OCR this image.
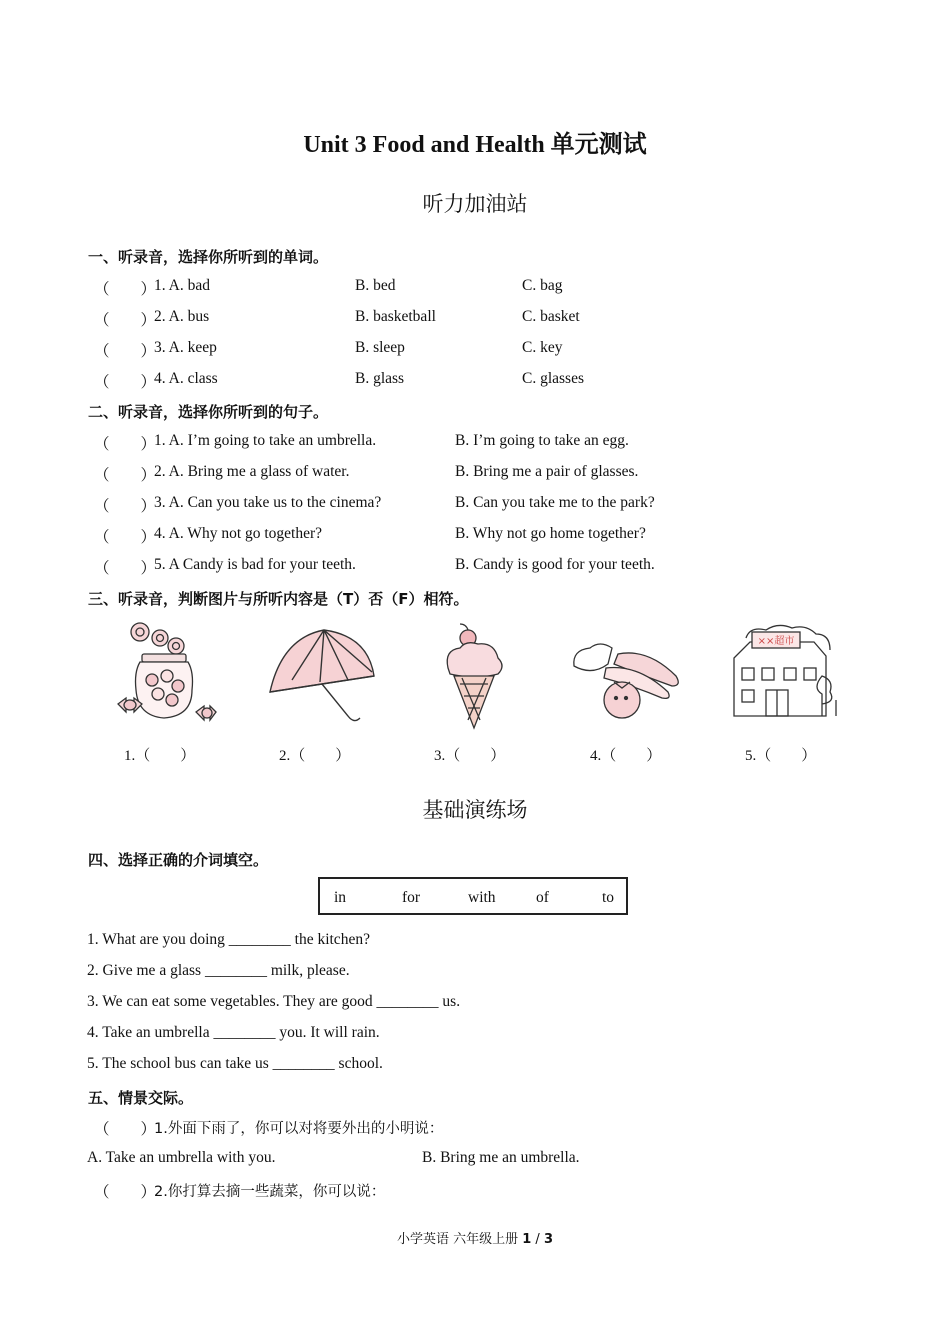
Unit 3 Food and Health 单元测试
听力加油站
一、听录音，选择你所听到的单词。
（　　）
1. A. bad	B. bed	C. bag
（　　）
2. A. bus	B. basketball	C. basket
（　　）
3. A. keep	B. sleep	C. key
（　　）
4. A. class	B. glass	C. glasses
二、听录音，选择你所听到的句子。
（　　）
1. A. I’m going to take an umbrella.	B. I’m going to take an egg.
（　　）
2. A. Bring me a glass of water.	B. Bring me a pair of glasses.
（　　）
3. A. Can you take us to the cinema?	B. Can you take me to the park?
（　　）
4. A. Why not go together?	B. Why not go home together?
（　　）
5. A Candy is bad for your teeth.	B. Candy is good for your teeth.
三、听录音，判断图片与所听内容是（T）否（F）相符。
××超市
1.（　　）	2.（　　）	3.（　　）	4.（　　）	5.（　　）
基础演练场
四、选择正确的介词填空。
in	for	with	of	to
1. What are you doing ________ the kitchen?
2. Give me a glass ________ milk, please.
3. We can eat some vegetables. They are good ________ us.
4. Take an umbrella ________ you. It will rain.
5. The school bus can take us ________ school.
五、情景交际。
（　　）
1.外面下雨了，你可以对将要外出的小明说：
A. Take an umbrella with you.	B. Bring me an umbrella.
（　　）
2.你打算去摘一些蔬菜，你可以说：
小学英语 六年级上册 1 / 3
